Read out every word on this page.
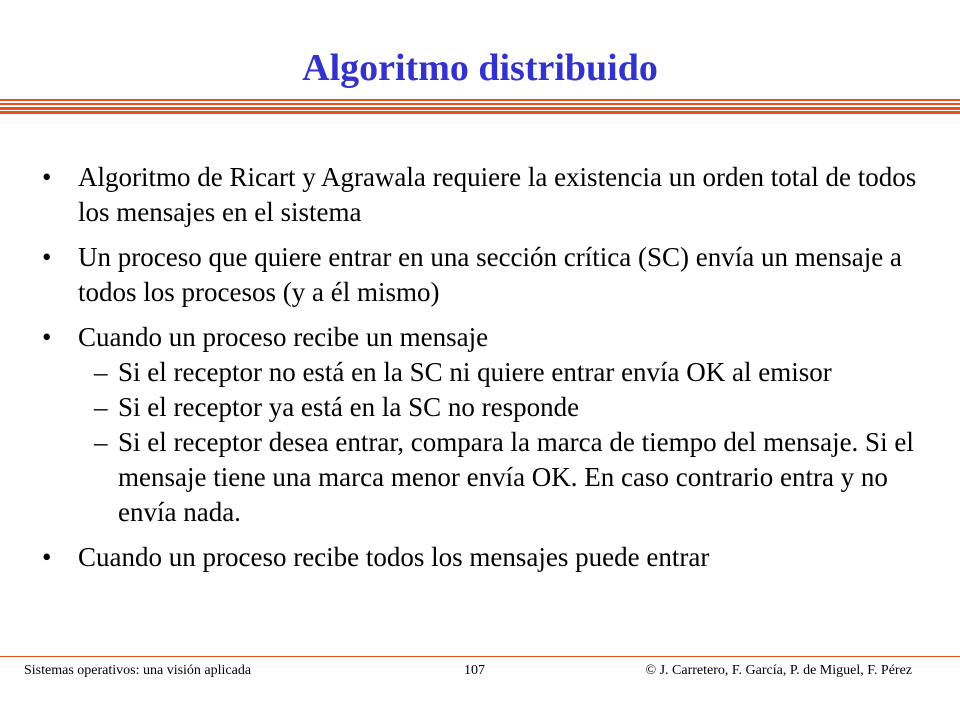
Algoritmo distribuido
• Algoritmo de Ricart y Agrawala requiere la existencia un orden total de todos los mensajes en el sistema
• Un proceso que quiere entrar en una sección crítica (SC) envía un mensaje a todos los procesos (y a él mismo)
• Cuando un proceso recibe un mensaje
– Si el receptor no está en la SC ni quiere entrar envía OK al emisor
– Si el receptor ya está en la SC no responde
– Si el receptor desea entrar, compara la marca de tiempo del mensaje. Si el mensaje tiene una marca menor envía OK. En caso contrario entra y no envía nada.
• Cuando un proceso recibe todos los mensajes puede entrar
Sistemas operativos: una visión aplicada	107	© J. Carretero, F. García, P. de Miguel, F. Pérez
